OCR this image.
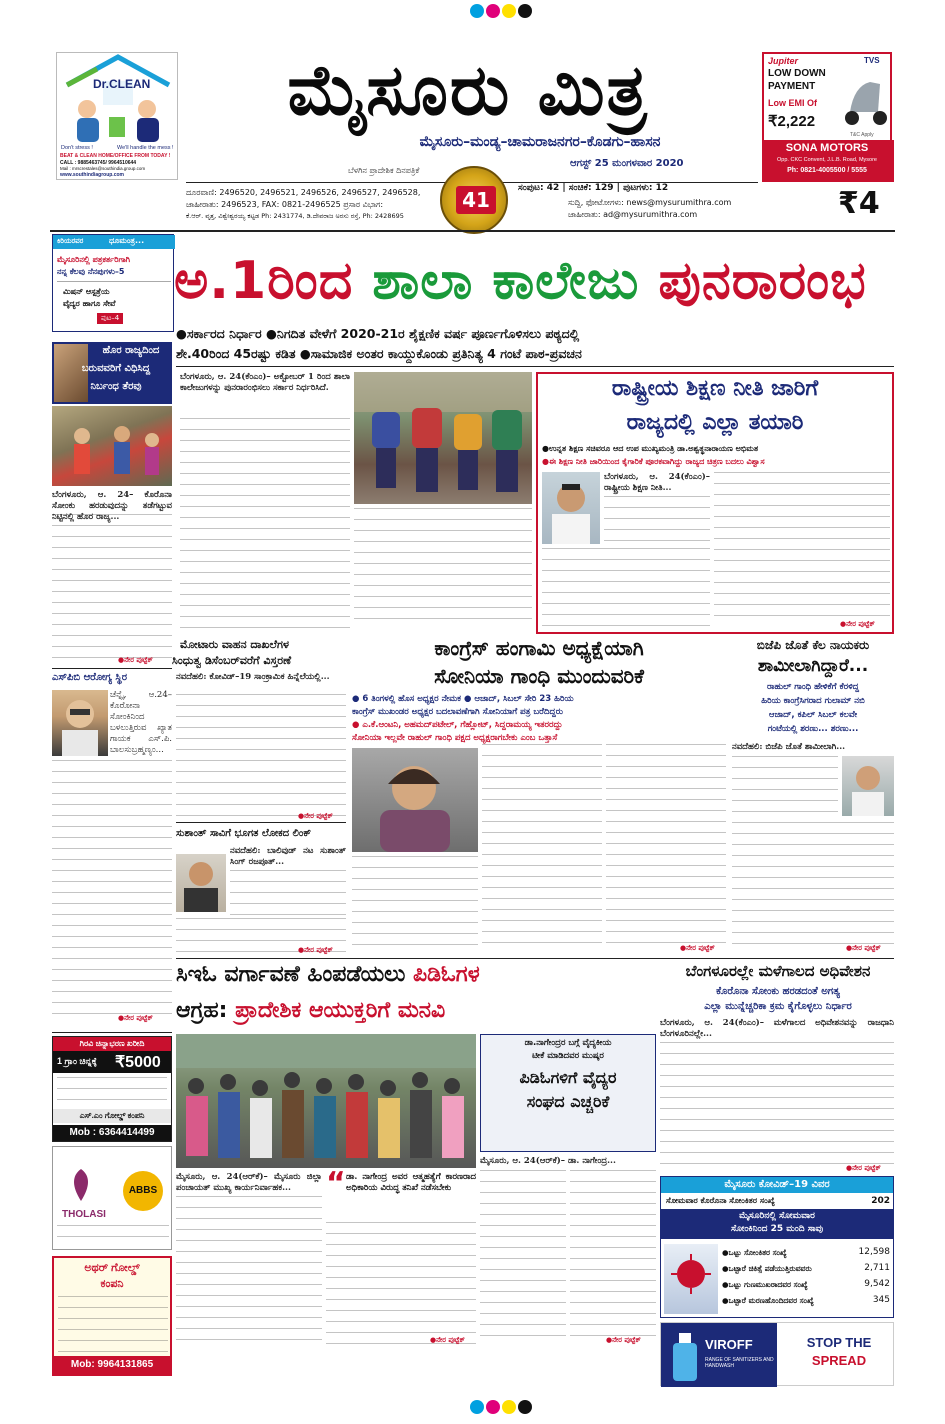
Dr.CLEAN
Don't stress !	We'll handle the mess !
BEAT & CLEAN HOME/OFFICE FROM TODAY !
CALL : 9885463745/ 9964510644
Mail : mrscrestales@southindia.group.com
www.southindiagroup.com
ಮೈಸೂರು ಮಿತ್ರ
ಮೈಸೂರು–ಮಂಡ್ಯ–ಚಾಮರಾಜನಗರ–ಕೊಡಗು–ಹಾಸನ
ಬೆಳಗಿನ ಪ್ರಾದೇಶಿಕ ದಿನಪತ್ರಿಕೆ
ಆಗಸ್ಟ್ 25 ಮಂಗಳವಾರ 2020
41
ದೂರವಾಣಿ: 2496520, 2496521, 2496526, 2496527, 2496528,
ಜಾಹೀರಾತು: 2496523, FAX: 0821-2496525 ಪ್ರಸಾರ ವಿಭಾಗ:
ಕೆ.ಆರ್. ವೃತ್ತ, ವಿಶ್ವೇಶ್ವರಯ್ಯ ಕಟ್ಟಡ Ph: 2431774, ಡಿ.ದೇವರಾಜ ಅರಸು ರಸ್ತೆ, Ph: 2428695
ಸಂಪುಟ: 42 | ಸಂಚಿಕೆ: 129 | ಪುಟಗಳು: 12
ಸುದ್ದಿ, ಫೋಟೋಗಳು: news@mysurumithra.com
ಜಾಹೀರಾತು: ad@mysurumithra.com	₹4
Jupiter	TVS
LOW DOWN
PAYMENT
Low EMI Of
₹2,222
T&C Apply
SONA MOTORS
Opp. CKC Convent, J.L.B. Road, Mysore
Ph: 0821-4005500 / 5555
ಕಿರಿಯರವರ	ಧೂಮಂತ್ರ...
ಮೈಸೂರಿನಲ್ಲಿ ಪತ್ರಕರ್ತರಿಗಾಗಿ
ನನ್ನ ಕೆಲವು ನೆನಪುಗಳು–5
ಮಿಷನ್ ಆಸ್ಪತ್ರೆಯ
ವೈದ್ಯರ ಹಾಗೂ ಸೇವೆ
ಪುಟ–4
ಅ.1ರಿಂದ ಶಾಲಾ ಕಾಲೇಜು ಪುನರಾರಂಭ
●ಸರ್ಕಾರದ ನಿರ್ಧಾರ ●ನಿಗದಿತ ವೇಳೆಗೆ 2020-21ರ ಶೈಕ್ಷಣಿಕ ವರ್ಷ ಪೂರ್ಣಗೊಳಿಸಲು ಪಠ್ಯದಲ್ಲಿ
ಶೇ.40ರಿಂದ 45ರಷ್ಟು ಕಡಿತ ●ಸಾಮಾಜಿಕ ಅಂತರ ಕಾಯ್ದುಕೊಂಡು ಪ್ರತಿನಿತ್ಯ 4 ಗಂಟೆ ಪಾಠ-ಪ್ರವಚನ
ಹೊರ ರಾಜ್ಯದಿಂದ
ಬರುವವರಿಗೆ ವಿಧಿಸಿದ್ದ
ನಿರ್ಬಂಧ ತೆರವು
ಬೆಂಗಳೂರು, ಆ. 24– ಕೊರೊನಾ ಸೋಂಕು ಹರಡುವುದನ್ನು ತಡೆಗಟ್ಟುವ ನಿಟ್ಟಿನಲ್ಲಿ ಹೊರ ರಾಜ್ಯ...
●ನೇರ ಪುಟ್ಟೆಕ್
ಎಸ್‌ಪಿಬಿ ಆರೋಗ್ಯ ಸ್ಥಿರ
ಚೆನ್ನೈ, ಆ.24– ಕೊರೋನಾ ಸೋಂಕಿನಿಂದ ಬಳಲುತ್ತಿರುವ ಖ್ಯಾತ ಗಾಯಕ ಎಸ್.ಪಿ. ಬಾಲಸುಬ್ರಹ್ಮಣ್ಯಂ...
●ನೇರ ಪುಟ್ಟೆಕ್
ಬೆಂಗಳೂರು, ಆ. 24(ಕೆಂಎಂ)– ಅಕ್ಟೋಬರ್ 1 ರಿಂದ ಶಾಲಾ ಕಾಲೇಜುಗಳನ್ನು ಪುನರಾರಂಭಿಸಲು ಸರ್ಕಾರ ನಿರ್ಧರಿಸಿದೆ.	ರಾಷ್ಟ್ರೀಯ ಶಿಕ್ಷಣ ನೀತಿ ಜಾರಿಗೆ
ರಾಜ್ಯದಲ್ಲಿ ಎಲ್ಲಾ ತಯಾರಿ
●ಉನ್ನತ ಶಿಕ್ಷಣ ಸಚಿವರೂ ಆದ ಉಪ ಮುಖ್ಯಮಂತ್ರಿ ಡಾ.ಅಶ್ವತ್ಥನಾರಾಯಣ ಅಭಿಮತ
●ಈ ಶಿಕ್ಷಣ ನೀತಿ ಜಾರಿಯಿಂದ ಕೈಗಾರಿಕೆ ಪೂರಕವಾಗಿದ್ದು ರಾಜ್ಯದ ಚಿತ್ರಣ ಬದಲು ವಿಶ್ವಾಸ
ಬೆಂಗಳೂರು, ಆ. 24(ಕೆಂಎಂ)– ರಾಷ್ಟ್ರೀಯ ಶಿಕ್ಷಣ ನೀತಿ...
●ನೇರ ಪುಟ್ಟೆಕ್
ಮೋಟಾರು ವಾಹನ ದಾಖಲೆಗಳ
ಸಿಂಧುತ್ವ ಡಿಸೆಂಬರ್‌ವರೆಗೆ ವಿಸ್ತರಣೆ
ನವದೆಹಲಿ: ಕೋವಿಡ್–19 ಸಾಂಕ್ರಾಮಿಕ ಹಿನ್ನೆಲೆಯಲ್ಲಿ...
●ನೇರ ಪುಟ್ಟೆಕ್
ಸುಶಾಂತ್ ಸಾವಿಗೆ ಭೂಗತ ಲೋಕದ ಲಿಂಕ್
ನವದೆಹಲಿ: ಬಾಲಿವುಡ್ ನಟ ಸುಶಾಂತ್ ಸಿಂಗ್ ರಜಪೂತ್...
●ನೇರ ಪುಟ್ಟೆಕ್
ಕಾಂಗ್ರೆಸ್ ಹಂಗಾಮಿ ಅಧ್ಯಕ್ಷೆಯಾಗಿ
ಸೋನಿಯಾ ಗಾಂಧಿ ಮುಂದುವರಿಕೆ
● 6 ತಿಂಗಳಲ್ಲಿ ಹೊಸ ಅಧ್ಯಕ್ಷರ ನೇಮಕ ● ಆಜಾದ್, ಸಿಬಲ್ ಸೇರಿ 23 ಹಿರಿಯ
ಕಾಂಗ್ರೆಸ್ ಮುಖಂಡರ ಅಧ್ಯಕ್ಷರ ಬದಲಾವಣೆಗಾಗಿ ಸೋನಿಯಾಗೆ ಪತ್ರ ಬರೆದಿದ್ದರು
● ಎ.ಕೆ.ಆಂಟನಿ, ಅಹಮದ್‌ಪಟೇಲ್, ಗೆಹ್ಲೋಟ್, ಸಿದ್ದರಾಮಯ್ಯ ಇತರರದ್ದು
ಸೋನಿಯಾ ಇಲ್ಲವೇ ರಾಹುಲ್ ಗಾಂಧಿ ಪಕ್ಷದ ಅಧ್ಯಕ್ಷರಾಗಬೇಕು ಎಂಬ ಒತ್ತಾಸೆ
●ನೇರ ಪುಟ್ಟೆಕ್
ಬಿಜೆಪಿ ಜೊತೆ ಕೆಲ ನಾಯಕರು
ಶಾಮೀಲಾಗಿದ್ದಾರೆ...
ರಾಹುಲ್ ಗಾಂಧಿ ಹೇಳಿಕೆಗೆ ಕೆರಳಿದ್ದ
ಹಿರಿಯ ಕಾಂಗ್ರೆಸಿಗರಾದ ಗುಲಾಮ್ ನಬಿ
ಆಜಾದ್, ಕಪಿಲ್ ಸಿಬಲ್ ಕಲವೇ
ಗಂಟೆಯಲ್ಲಿ ಶರಣು... ಶರಣು...
ನವದೆಹಲಿ: ಬಿಜೆಪಿ ಜೊತೆ ಶಾಮೀಲಾಗಿ...
●ನೇರ ಪುಟ್ಟೆಕ್
ಸಿಇಓ ವರ್ಗಾವಣೆ ಹಿಂಪಡೆಯಲು ಪಿಡಿಓಗಳ
ಆಗ್ರಹ: ಪ್ರಾದೇಶಿಕ ಆಯುಕ್ತರಿಗೆ ಮನವಿ
ಮೈಸೂರು, ಆ. 24(ಆರ್‌ಕೆ)– ಮೈಸೂರು ಜಿಲ್ಲಾ ಪಂಚಾಯತ್ ಮುಖ್ಯ ಕಾರ್ಯನಿರ್ವಾಹಕ...	“ ಡಾ. ನಾಗೇಂದ್ರ ಅವರ ಆತ್ಮಹತ್ಯೆಗೆ ಕಾರಣರಾದ ಅಧಿಕಾರಿಯ ವಿರುದ್ಧ ತನಿಖೆ ನಡೆಸಬೇಕು
●ನೇರ ಪುಟ್ಟೆಕ್
ಡಾ.ನಾಗೇಂದ್ರರ ಬಗ್ಗೆ ವೈದ್ಯಕೀಯ
ಟೀಕೆ ಮಾಡಿದವರ ಮುಷ್ಕರ
ಪಿಡಿಓಗಳಿಗೆ ವೈದ್ಯರ
ಸಂಘದ ಎಚ್ಚರಿಕೆ
ಮೈಸೂರು, ಆ. 24(ಆರ್‌ಕೆ)– ಡಾ. ನಾಗೇಂದ್ರ...
●ನೇರ ಪುಟ್ಟೆಕ್
ಬೆಂಗಳೂರಲ್ಲೇ ಮಳೆಗಾಲದ ಅಧಿವೇಶನ
ಕೊರೊನಾ ಸೋಂಕು ಹರಡದಂತೆ ಅಗತ್ಯ
ಎಲ್ಲಾ ಮುನ್ನೆಚ್ಚರಿಕಾ ಕ್ರಮ ಕೈಗೊಳ್ಳಲು ನಿರ್ಧಾರ
ಬೆಂಗಳೂರು, ಆ. 24(ಕೆಂಎಂ)– ಮಳೆಗಾಲದ ಅಧಿವೇಶನವನ್ನು ರಾಜಧಾನಿ ಬೆಂಗಳೂರಿನಲ್ಲೇ...
●ನೇರ ಪುಟ್ಟೆಕ್
ಮೈಸೂರು ಕೋವಿಡ್–19 ವಿವರ
ಸೋಮವಾರ ಕೊರೊನಾ ಸೋಂಕಿತರ ಸಂಖ್ಯೆ	202
ಮೈಸೂರಿನಲ್ಲಿ ಸೋಮವಾರ
ಸೋಂಕಿನಿಂದ 25 ಮಂದಿ ಸಾವು
●ಒಟ್ಟು ಸೋಂಕಿತರ ಸಂಖ್ಯೆ	12,598
●ಒಟ್ಟಾರೆ ಚಿಕಿತ್ಸೆ ಪಡೆಯುತ್ತಿರುವವರು	2,711
●ಒಟ್ಟು ಗುಣಮುಖರಾದವರ ಸಂಖ್ಯೆ	9,542
●ಒಟ್ಟಾರೆ ಮರಣಹೊಂದಿದವರ ಸಂಖ್ಯೆ	345
VIROFF
RANGE OF SANITIZERS AND HANDWASH
STOP THE
SPREAD
ಗಿರವಿ ಚಿನ್ನಾಭರಣ ಖರೀದಿ
1 ಗ್ರಾಂ ಚಿನ್ನಕ್ಕೆ ₹5000
ಎಸ್.ಎಂ ಗೋಲ್ಡ್ ಕಂಪನಿ
Mob : 6364414499
THOLASI
ABBS
ಅಥರ್ ಗೋಲ್ಡ್
ಕಂಪನಿ
Mob: 9964131865
